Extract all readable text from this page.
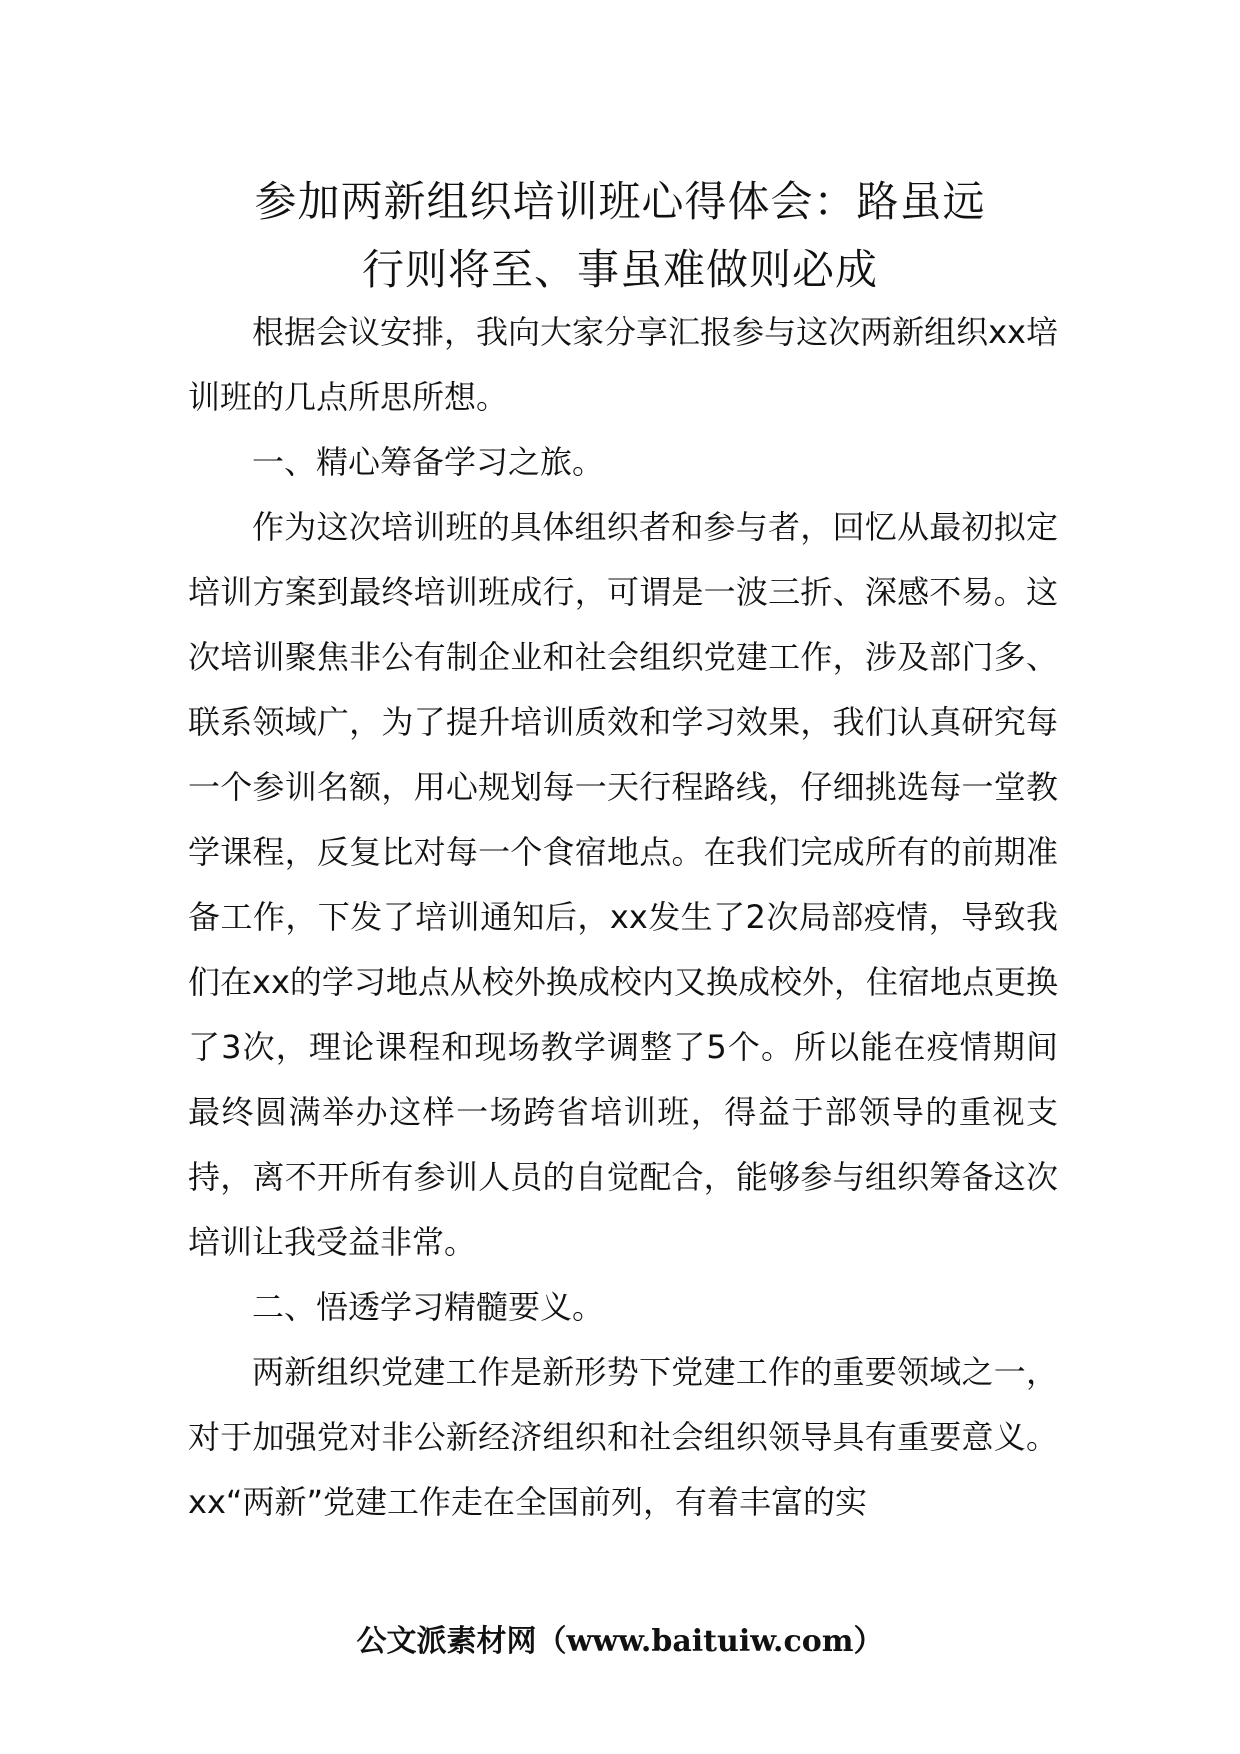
参加两新组织培训班心得体会：路虽远
行则将至、事虽难做则必成

根据会议安排，我向大家分享汇报参与这次两新组织xx培训班的几点所思所想。

一、精心筹备学习之旅。

作为这次培训班的具体组织者和参与者，回忆从最初拟定培训方案到最终培训班成行，可谓是一波三折、深感不易。这次培训聚焦非公有制企业和社会组织党建工作，涉及部门多、联系领域广，为了提升培训质效和学习效果，我们认真研究每一个参训名额，用心规划每一天行程路线，仔细挑选每一堂教学课程，反复比对每一个食宿地点。在我们完成所有的前期准备工作，下发了培训通知后，xx发生了2次局部疫情，导致我们在xx的学习地点从校外换成校内又换成校外，住宿地点更换了3次，理论课程和现场教学调整了5个。所以能在疫情期间最终圆满举办这样一场跨省培训班，得益于部领导的重视支持，离不开所有参训人员的自觉配合，能够参与组织筹备这次培训让我受益非常。

二、悟透学习精髓要义。

两新组织党建工作是新形势下党建工作的重要领域之一，对于加强党对非公新经济组织和社会组织领导具有重要意义。xx“两新”党建工作走在全国前列，有着丰富的实

公文派素材网（www.baituiw.com）
